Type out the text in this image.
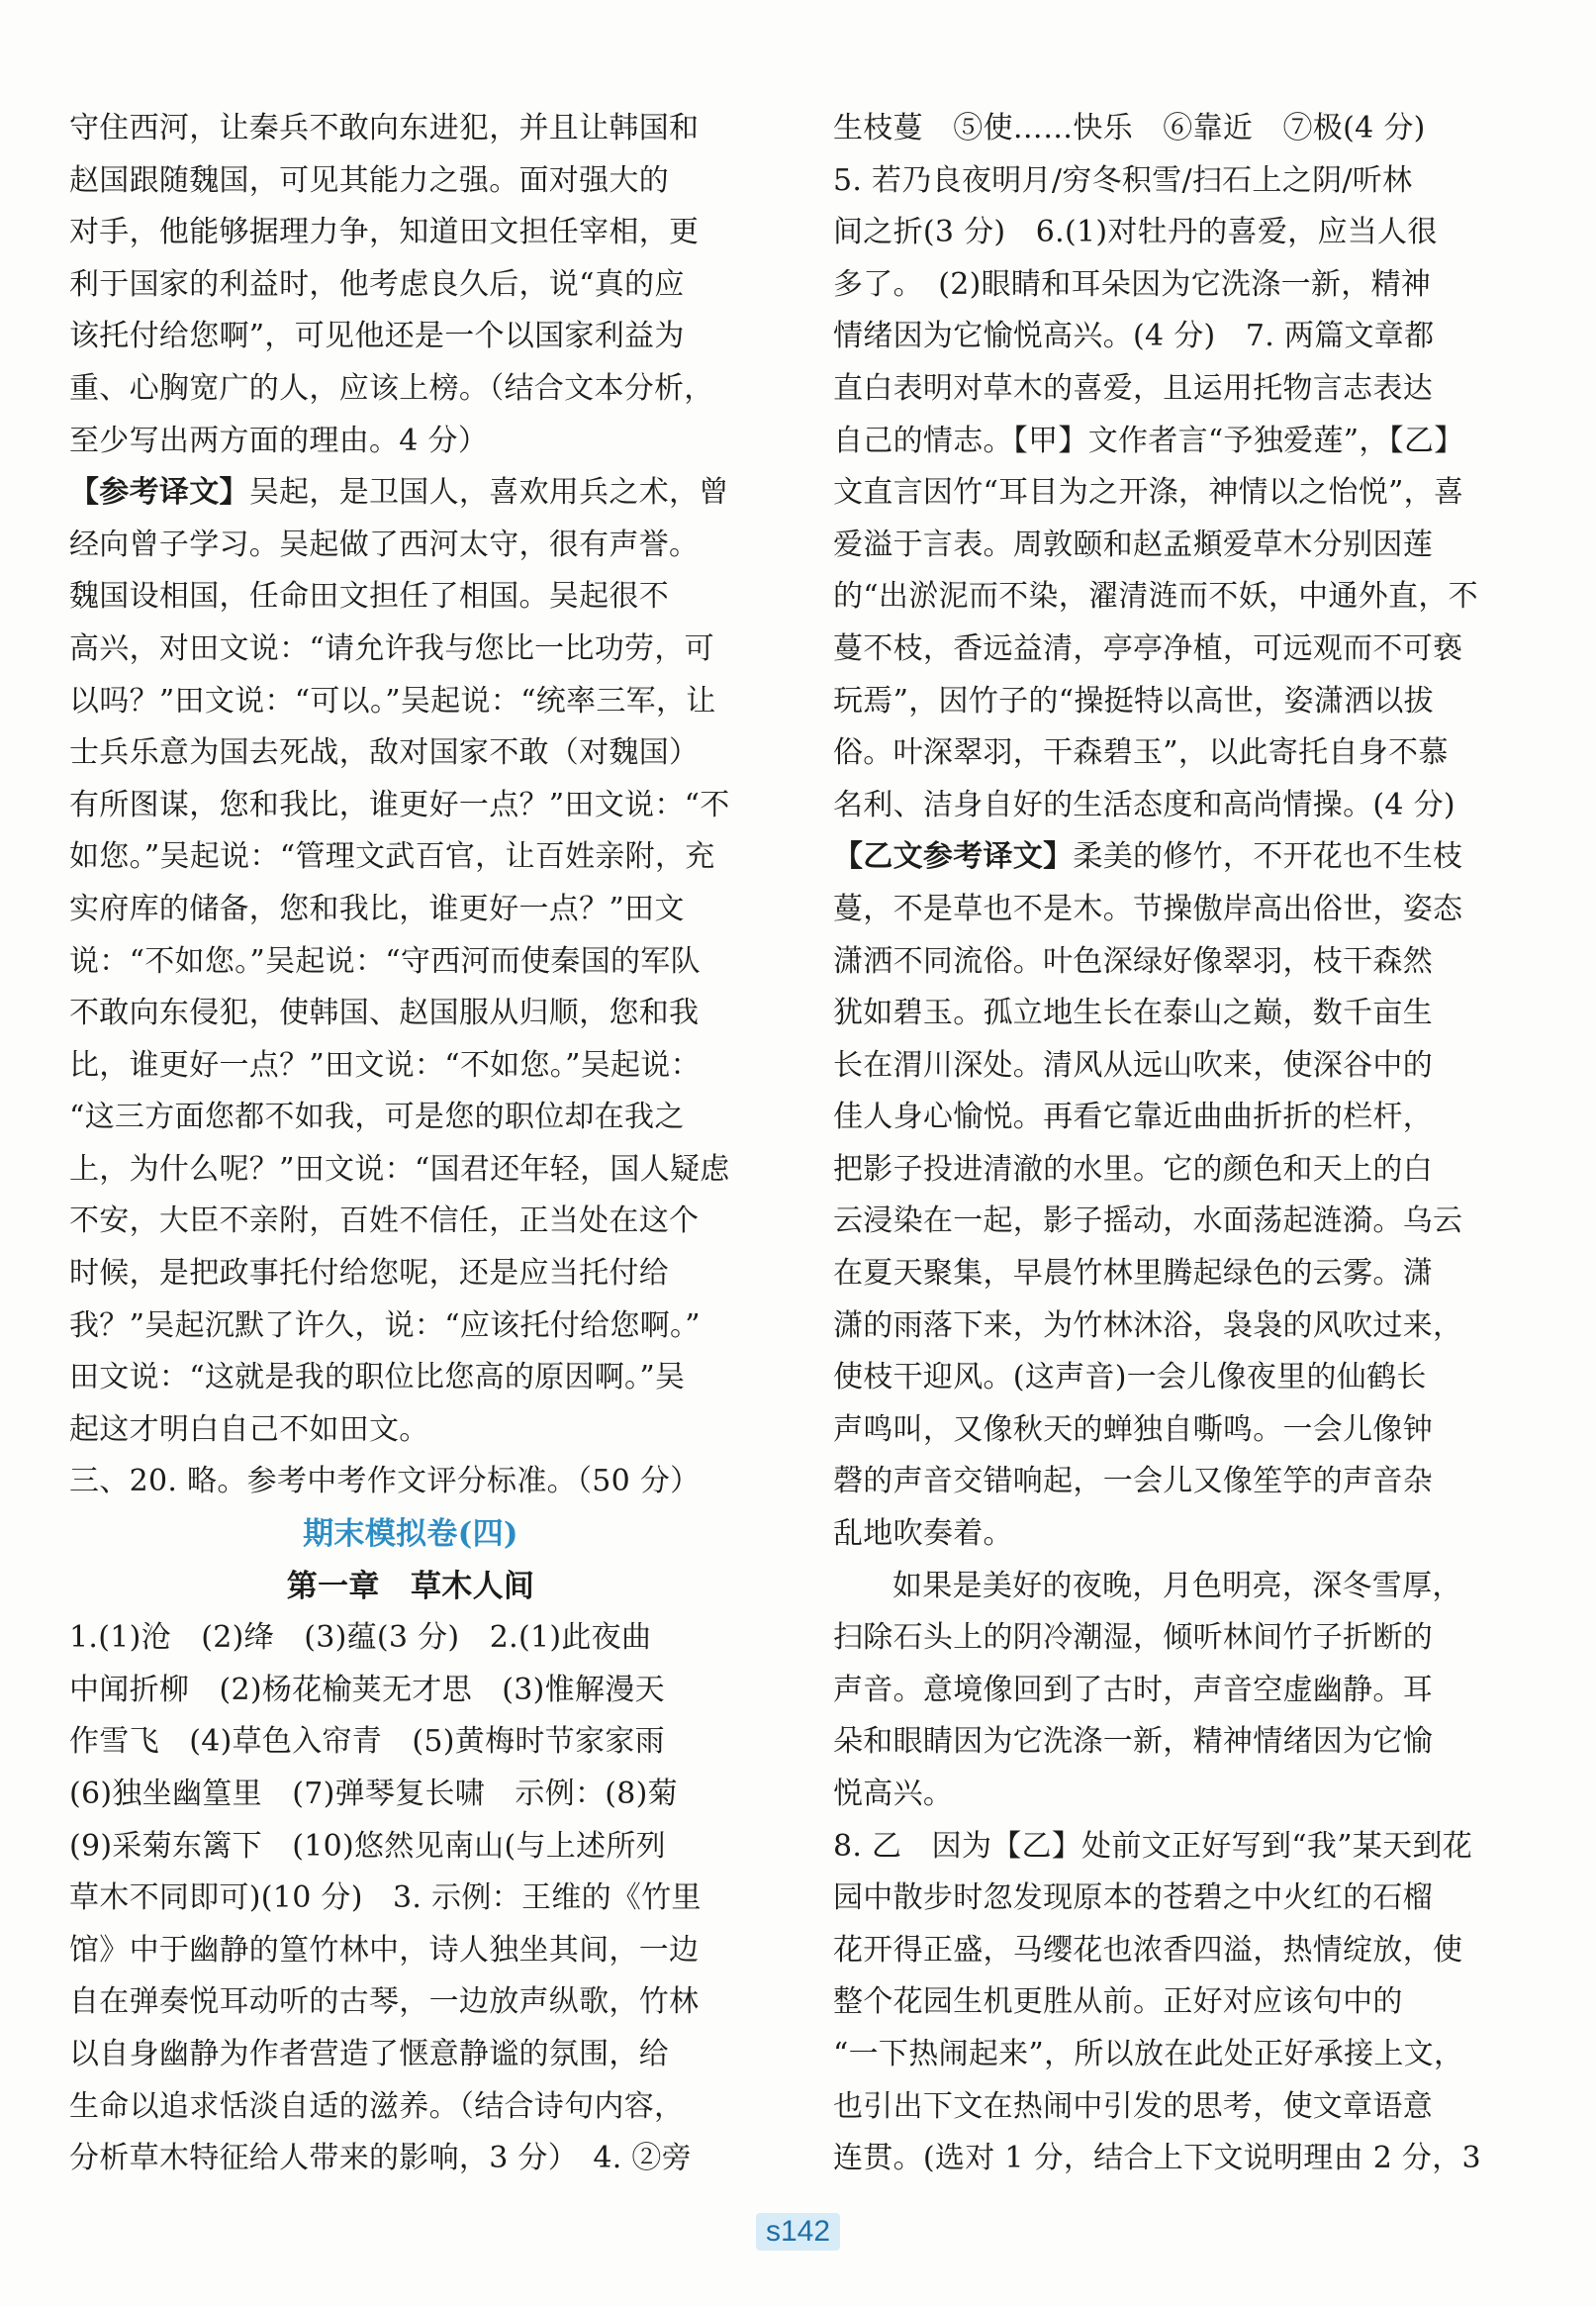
守住西河，让秦兵不敢向东进犯，并且让韩国和
赵国跟随魏国，可见其能力之强。面对强大的
对手，他能够据理力争，知道田文担任宰相，更
利于国家的利益时，他考虑良久后，说“真的应
该托付给您啊”，可见他还是一个以国家利益为
重、心胸宽广的人，应该上榜。（结合文本分析，
至少写出两方面的理由。4 分）
【参考译文】吴起，是卫国人，喜欢用兵之术，曾
经向曾子学习。吴起做了西河太守，很有声誉。
魏国设相国，任命田文担任了相国。吴起很不
高兴，对田文说：“请允许我与您比一比功劳，可
以吗？”田文说：“可以。”吴起说：“统率三军，让
士兵乐意为国去死战，敌对国家不敢（对魏国）
有所图谋，您和我比，谁更好一点？”田文说：“不
如您。”吴起说：“管理文武百官，让百姓亲附，充
实府库的储备，您和我比，谁更好一点？”田文
说：“不如您。”吴起说：“守西河而使秦国的军队
不敢向东侵犯，使韩国、赵国服从归顺，您和我
比，谁更好一点？”田文说：“不如您。”吴起说：
“这三方面您都不如我，可是您的职位却在我之
上，为什么呢？”田文说：“国君还年轻，国人疑虑
不安，大臣不亲附，百姓不信任，正当处在这个
时候，是把政事托付给您呢，还是应当托付给
我？”吴起沉默了许久，说：“应该托付给您啊。”
田文说：“这就是我的职位比您高的原因啊。”吴
起这才明白自己不如田文。
三、20. 略。参考中考作文评分标准。（50 分）
期末模拟卷(四)
第一章　草木人间
1.(1)沧　(2)绛　(3)蕴(3 分)　2.(1)此夜曲
中闻折柳　(2)杨花榆荚无才思　(3)惟解漫天
作雪飞　(4)草色入帘青　(5)黄梅时节家家雨
(6)独坐幽篁里　(7)弹琴复长啸　示例：(8)菊
(9)采菊东篱下　(10)悠然见南山(与上述所列
草木不同即可)(10 分)　3. 示例：王维的《竹里
馆》中于幽静的篁竹林中，诗人独坐其间，一边
自在弹奏悦耳动听的古琴，一边放声纵歌，竹林
以自身幽静为作者营造了惬意静谧的氛围，给
生命以追求恬淡自适的滋养。（结合诗句内容，
分析草木特征给人带来的影响，3 分）　4. ②旁
生枝蔓　⑤使……快乐　⑥靠近　⑦极(4 分)
5. 若乃良夜明月/穷冬积雪/扫石上之阴/听林
间之折(3 分)　6.(1)对牡丹的喜爱，应当人很
多了。　(2)眼睛和耳朵因为它洗涤一新，精神
情绪因为它愉悦高兴。(4 分)　7. 两篇文章都
直白表明对草木的喜爱，且运用托物言志表达
自己的情志。【甲】文作者言“予独爱莲”，【乙】
文直言因竹“耳目为之开涤，神情以之怡悦”，喜
爱溢于言表。周敦颐和赵孟頫爱草木分别因莲
的“出淤泥而不染，濯清涟而不妖，中通外直，不
蔓不枝，香远益清，亭亭净植，可远观而不可亵
玩焉”，因竹子的“操挺特以高世，姿潇洒以拔
俗。叶深翠羽，干森碧玉”，以此寄托自身不慕
名利、洁身自好的生活态度和高尚情操。(4 分)
【乙文参考译文】柔美的修竹，不开花也不生枝
蔓，不是草也不是木。节操傲岸高出俗世，姿态
潇洒不同流俗。叶色深绿好像翠羽，枝干森然
犹如碧玉。孤立地生长在泰山之巅，数千亩生
长在渭川深处。清风从远山吹来，使深谷中的
佳人身心愉悦。再看它靠近曲曲折折的栏杆，
把影子投进清澈的水里。它的颜色和天上的白
云浸染在一起，影子摇动，水面荡起涟漪。乌云
在夏天聚集，早晨竹林里腾起绿色的云雾。潇
潇的雨落下来，为竹林沐浴，袅袅的风吹过来，
使枝干迎风。(这声音)一会儿像夜里的仙鹤长
声鸣叫，又像秋天的蝉独自嘶鸣。一会儿像钟
磬的声音交错响起，一会儿又像笙竽的声音杂
乱地吹奏着。
如果是美好的夜晚，月色明亮，深冬雪厚，
扫除石头上的阴冷潮湿，倾听林间竹子折断的
声音。意境像回到了古时，声音空虚幽静。耳
朵和眼睛因为它洗涤一新，精神情绪因为它愉
悦高兴。
8. 乙　因为【乙】处前文正好写到“我”某天到花
园中散步时忽发现原本的苍碧之中火红的石榴
花开得正盛，马缨花也浓香四溢，热情绽放，使
整个花园生机更胜从前。正好对应该句中的
“一下热闹起来”，所以放在此处正好承接上文，
也引出下文在热闹中引发的思考，使文章语意
连贯。(选对 1 分，结合上下文说明理由 2 分，3
s142
